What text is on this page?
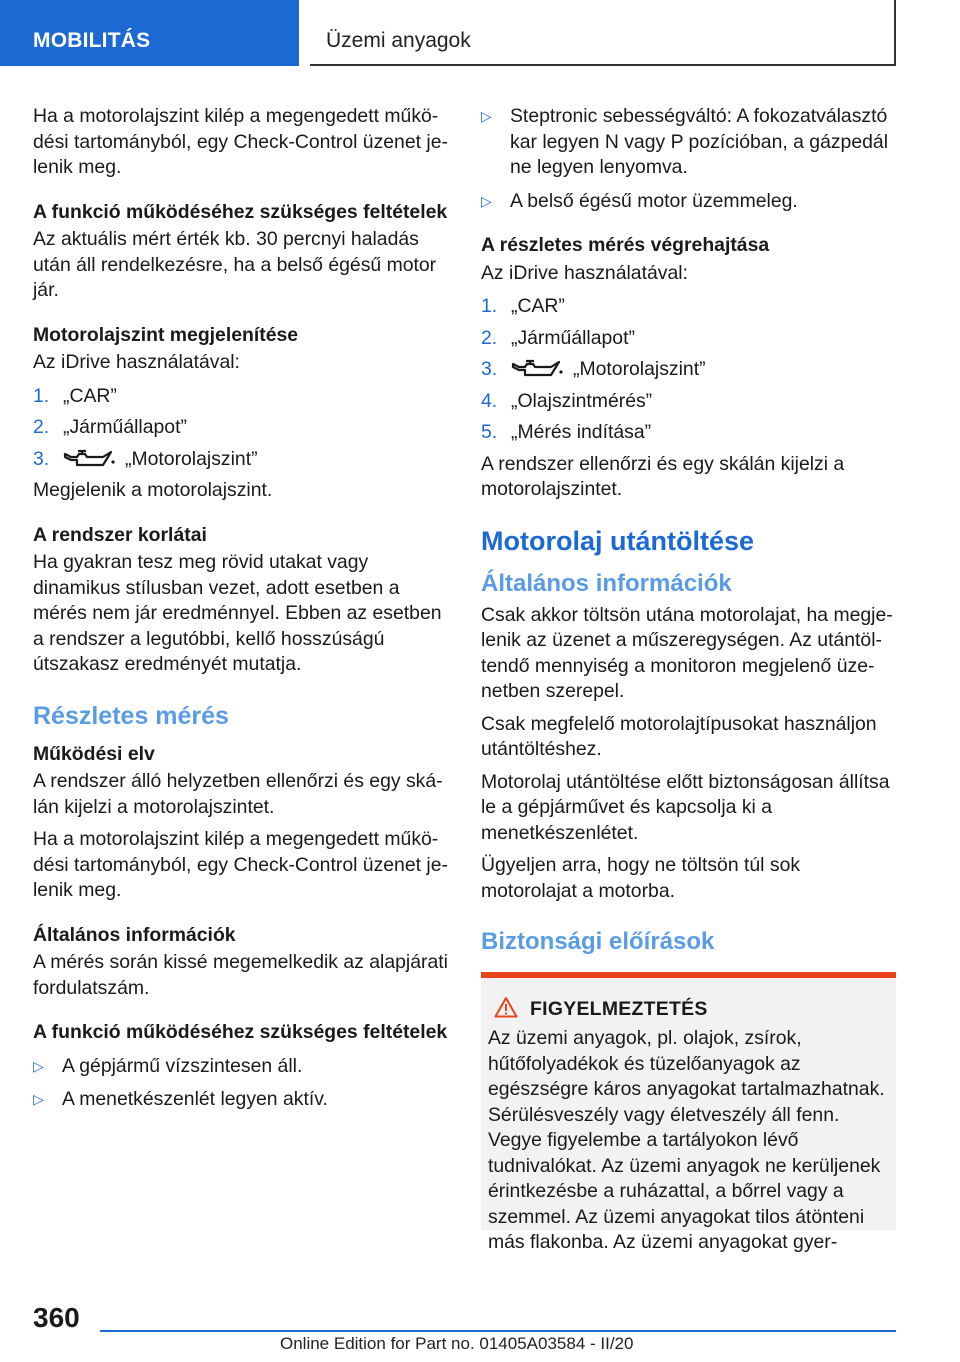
MOBILITÁS	Üzemi anyagok

Ha a motorolajszint kilép a megengedett működési tartományból, egy Check-Control üzenet jelenik meg.

A funkció működéséhez szükséges feltételek

Az aktuális mért érték kb. 30 percnyi haladás után áll rendelkezésre, ha a belső égésű motor jár.

Motorolajszint megjelenítése

Az iDrive használatával:

1. „CAR”
2. „Járműállapot”
3.	„Motorolajszint”

Megjelenik a motorolajszint.

A rendszer korlátai

Ha gyakran tesz meg rövid utakat vagy dinamikus stílusban vezet, adott esetben a mérés nem jár eredménnyel. Ebben az esetben a rendszer a legutóbbi, kellő hosszúságú útszakasz eredményét mutatja.

Részletes mérés
Működési elv

A rendszer álló helyzetben ellenőrzi és egy skálán kijelzi a motorolajszintet.

Ha a motorolajszint kilép a megengedett működési tartományból, egy Check-Control üzenet jelenik meg.

Általános információk

A mérés során kissé megemelkedik az alapjárati fordulatszám.

A funkció működéséhez szükséges feltételek
▷ A gépjármű vízszintesen áll.
▷ A menetkészenlét legyen aktív.
▷ Steptronic sebességváltó: A fokozatválasztó kar legyen N vagy P pozícióban, a gázpedál ne legyen lenyomva.
▷ A belső égésű motor üzemmeleg.
A részletes mérés végrehajtása

Az iDrive használatával:

1. „CAR”
2. „Járműállapot”
3.	„Motorolajszint”
4. „Olajszintmérés”
5. „Mérés indítása”

A rendszer ellenőrzi és egy skálán kijelzi a motorolajszintet.

Motorolaj utántöltése
Általános információk

Csak akkor töltsön utána motorolajat, ha megjelenik az üzenet a műszeregységen. Az utántöltendő mennyiség a monitoron megjelenő üzenetben szerepel.

Csak megfelelő motorolajtípusokat használjon utántöltéshez.

Motorolaj utántöltése előtt biztonságosan állítsa le a gépjárművet és kapcsolja ki a menetkészenlétet.

Ügyeljen arra, hogy ne töltsön túl sok motorolajat a motorba.

Biztonsági előírások
FIGYELMEZTETÉS

Az üzemi anyagok, pl. olajok, zsírok, hűtőfolyadékok és tüzelőanyagok az egészségre káros anyagokat tartalmazhatnak. Sérülésveszély vagy életveszély áll fenn. Vegye figyelembe a tartályokon lévő tudnivalókat. Az üzemi anyagok ne kerüljenek érintkezésbe a ruházattal, a bőrrel vagy a szemmel. Az üzemi anyagokat tilos átönteni más flakonba. Az üzemi anyagokat gyer-

360
Online Edition for Part no. 01405A03584 - II/20
